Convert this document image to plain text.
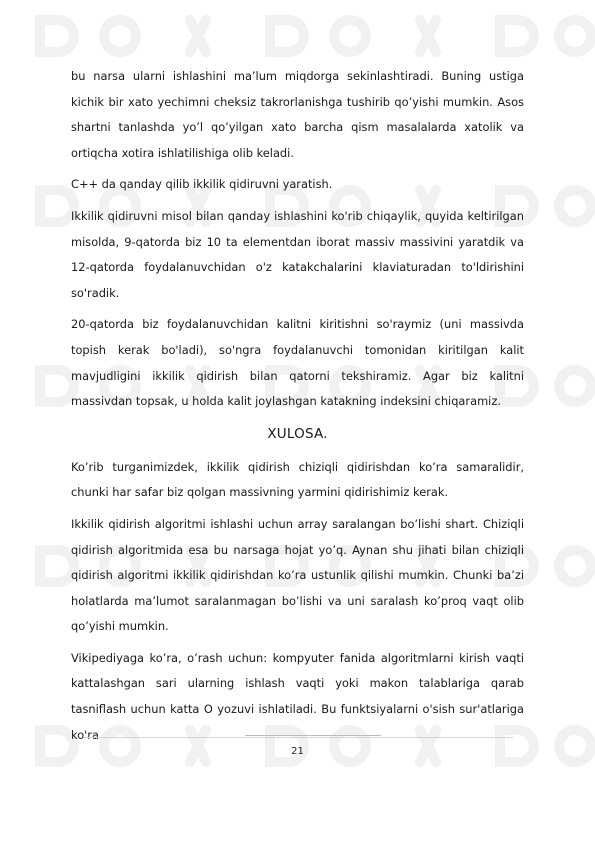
bu narsa ularni ishlashini ma’lum miqdorga sekinlashtiradi. Buning ustiga kichik bir xato yechimni cheksiz takrorlanishga tushirib qo’yishi mumkin. Asos shartni tanlashda yo’l qo’yilgan xato barcha qism masalalarda xatolik va ortiqcha xotira ishlatilishiga olib keladi.

C++ da qanday qilib ikkilik qidiruvni yaratish.

Ikkilik qidiruvni misol bilan qanday ishlashini ko'rib chiqaylik, quyida keltirilgan misolda, 9-qatorda biz 10 ta elementdan iborat massiv massivini yaratdik va 12-qatorda foydalanuvchidan o'z katakchalarini klaviaturadan to'ldirishini so'radik.

20-qatorda biz foydalanuvchidan kalitni kiritishni so'raymiz (uni massivda topish kerak bo'ladi), so'ngra foydalanuvchi tomonidan kiritilgan kalit mavjudligini ikkilik qidirish bilan qatorni tekshiramiz. Agar biz kalitni massivdan topsak, u holda kalit joylashgan katakning indeksini chiqaramiz.

XULOSA.

Ko’rib turganimizdek, ikkilik qidirish chiziqli qidirishdan ko’ra samaralidir, chunki har safar biz qolgan massivning yarmini qidirishimiz kerak.

Ikkilik qidirish algoritmi ishlashi uchun array saralangan bo’lishi shart. Chiziqli qidirish algoritmida esa bu narsaga hojat yo’q. Aynan shu jihati bilan chiziqli qidirish algoritmi ikkilik qidirishdan ko’ra ustunlik qilishi mumkin. Chunki ba’zi holatlarda ma’lumot saralanmagan bo’lishi va uni saralash ko’proq vaqt olib qo’yishi mumkin.

Vikipediyaga ko’ra, o’rash uchun: kompyuter fanida algoritmlarni kirish vaqti kattalashgan sari ularning ishlash vaqti yoki makon talablariga qarab tasniflash uchun katta O yozuvi ishlatiladi. Bu funktsiyalarni o'sish sur'atlariga ko'ra

21
